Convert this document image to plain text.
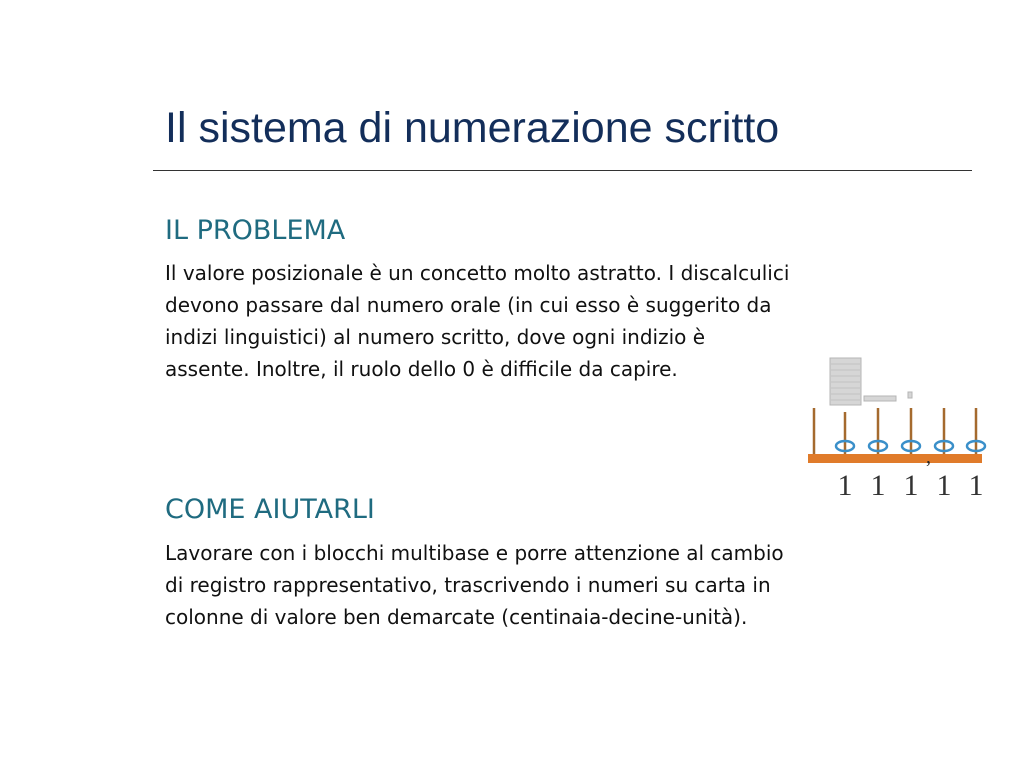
Il sistema di numerazione scritto
IL PROBLEMA

Il valore posizionale è un concetto molto astratto. I discalculici devono passare dal numero orale (in cui esso è suggerito da indizi linguistici) al numero scritto, dove ogni indizio è assente. Inoltre, il ruolo dello 0 è difficile da capire.

COME AIUTARLI

Lavorare con i blocchi multibase e porre attenzione al cambio di registro rappresentativo, trascrivendo i numeri su carta in colonne di valore ben demarcate (centinaia-decine-unità).

,
1 1 1 1 1
